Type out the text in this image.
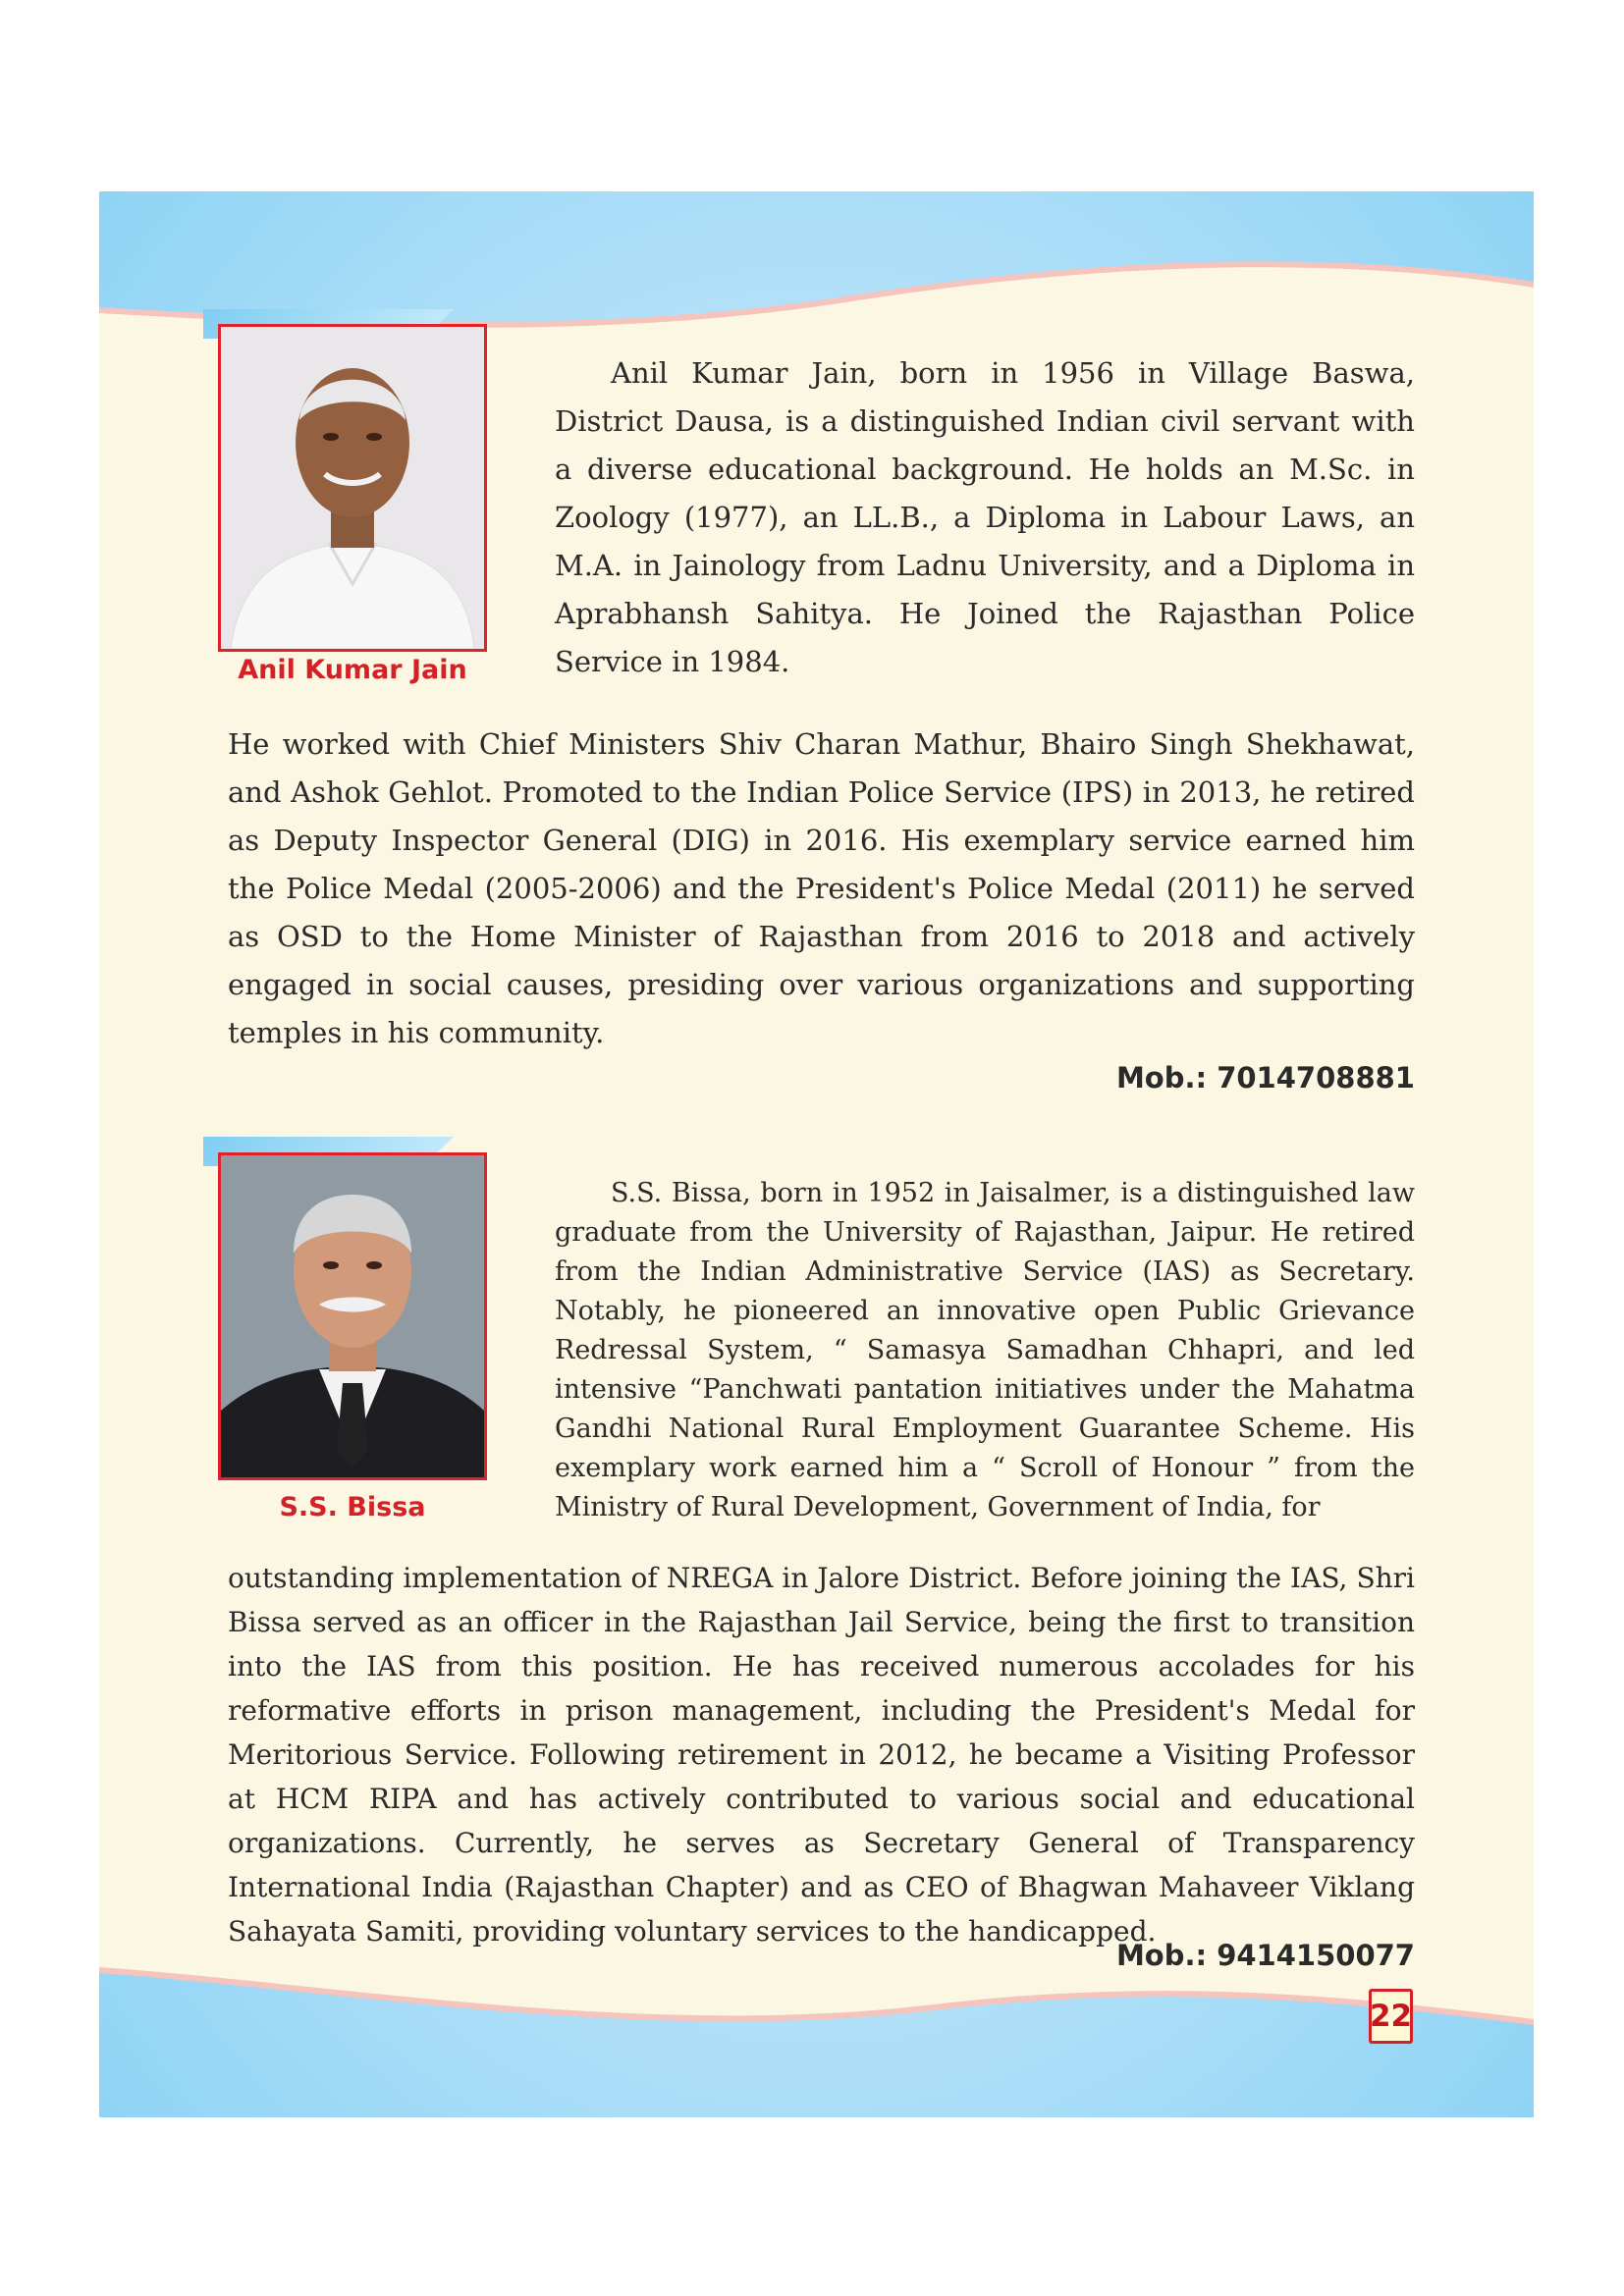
Anil Kumar Jain

Anil Kumar Jain, born in 1956 in Village Baswa, District Dausa, is a distinguished Indian civil servant with a diverse educational background. He holds an M.Sc. in Zoology (1977), an LL.B., a Diploma in Labour Laws, an M.A. in Jainology from Ladnu University, and a Diploma in Aprabhansh Sahitya. He Joined the Rajasthan Police Service in 1984.

He worked with Chief Ministers Shiv Charan Mathur, Bhairo Singh Shekhawat, and Ashok Gehlot. Promoted to the Indian Police Service (IPS) in 2013, he retired as Deputy Inspector General (DIG) in 2016. His exemplary service earned him the Police Medal (2005-2006) and the President's Police Medal (2011) he served as OSD to the Home Minister of Rajasthan from 2016 to 2018 and actively engaged in social causes, presiding over various organizations and supporting temples in his community.

Mob.: 7014708881
S.S. Bissa

S.S. Bissa, born in 1952 in Jaisalmer, is a distinguished law graduate from the University of Rajasthan, Jaipur. He retired from the Indian Administrative Service (IAS) as Secretary. Notably, he pioneered an innovative open Public Grievance Redressal System, “ Samasya Samadhan Chhapri, and led intensive “Panchwati pantation initiatives under the Mahatma Gandhi National Rural Employment Guarantee Scheme. His exemplary work earned him a “ Scroll of Honour ” from the Ministry of Rural Development, Government of India, for

outstanding implementation of NREGA in Jalore District. Before joining the IAS, Shri Bissa served as an officer in the Rajasthan Jail Service, being the first to transition into the IAS from this position. He has received numerous accolades for his reformative efforts in prison management, including the President's Medal for Meritorious Service. Following retirement in 2012, he became a Visiting Professor at HCM RIPA and has actively contributed to various social and educational organizations. Currently, he serves as Secretary General of Transparency International India (Rajasthan Chapter) and as CEO of Bhagwan Mahaveer Viklang Sahayata Samiti, providing voluntary services to the handicapped.

Mob.: 9414150077
22
